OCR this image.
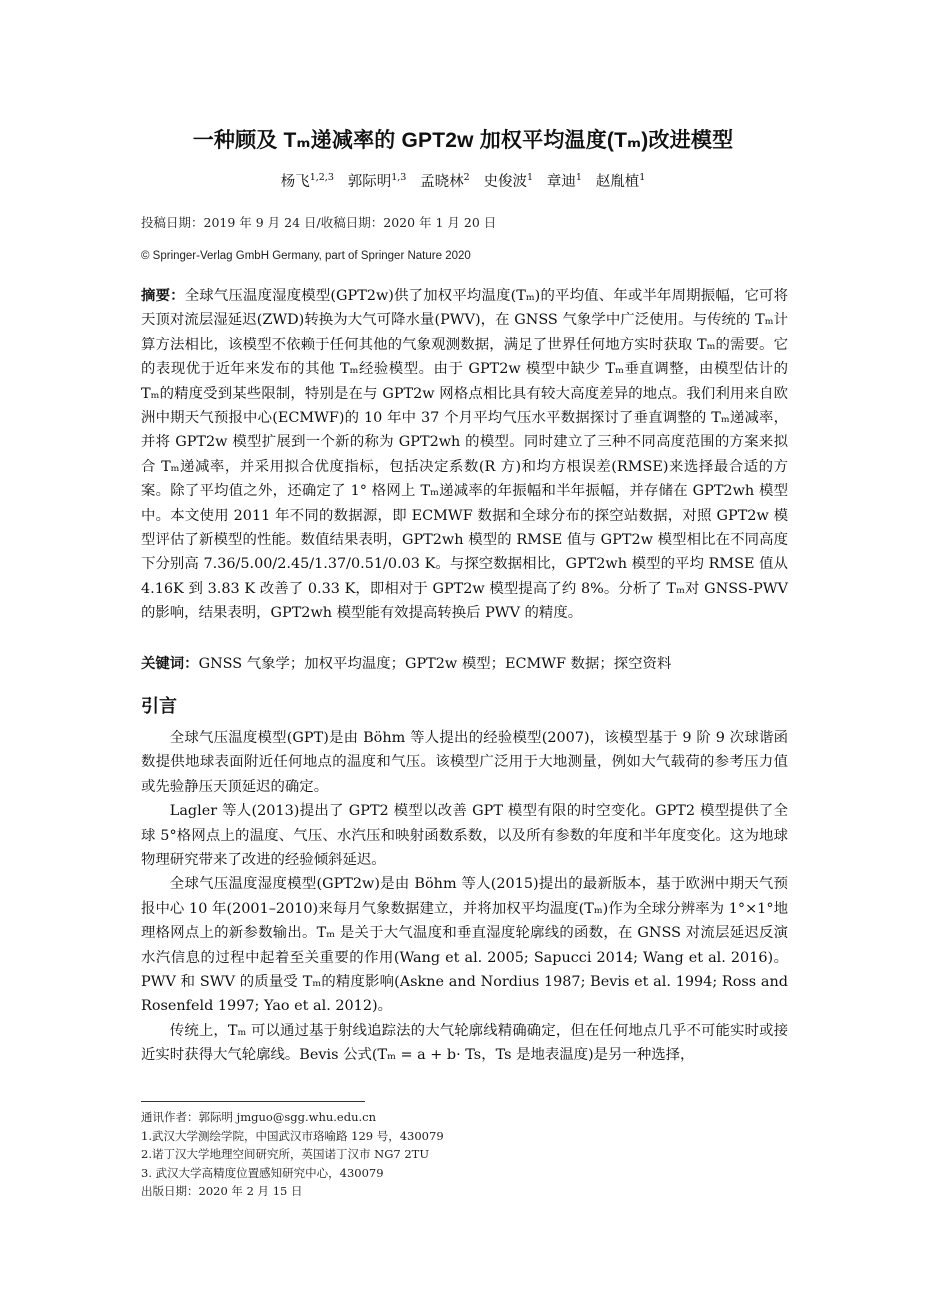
一种顾及 Tₘ递减率的 GPT2w 加权平均温度(Tₘ)改进模型
杨飞$^{1,2,3}$ 郭际明$^{1,3}$ 孟晓林$^2$ 史俊波$^1$ 章迪$^1$ 赵胤植$^1$
投稿日期：2019 年 9 月 24 日/收稿日期：2020 年 1 月 20 日
© Springer-Verlag GmbH Germany, part of Springer Nature 2020
摘要：全球气压温度湿度模型(GPT2w)供了加权平均温度(Tₘ)的平均值、年或半年周期振幅，它可将天顶对流层湿延迟(ZWD)转换为大气可降水量(PWV)，在 GNSS 气象学中广泛使用。与传统的 Tₘ计算方法相比，该模型不依赖于任何其他的气象观测数据，满足了世界任何地方实时获取 Tₘ的需要。它的表现优于近年来发布的其他 Tₘ经验模型。由于 GPT2w 模型中缺少 Tₘ垂直调整，由模型估计的 Tₘ的精度受到某些限制，特别是在与 GPT2w 网格点相比具有较大高度差异的地点。我们利用来自欧洲中期天气预报中心(ECMWF)的 10 年中 37 个月平均气压水平数据探讨了垂直调整的 Tₘ递减率，并将 GPT2w 模型扩展到一个新的称为 GPT2wh 的模型。同时建立了三种不同高度范围的方案来拟合 Tₘ递减率，并采用拟合优度指标，包括决定系数(R 方)和均方根误差(RMSE)来选择最合适的方案。除了平均值之外，还确定了 1° 格网上 Tₘ递减率的年振幅和半年振幅，并存储在 GPT2wh 模型中。本文使用 2011 年不同的数据源，即 ECMWF 数据和全球分布的探空站数据，对照 GPT2w 模型评估了新模型的性能。数值结果表明，GPT2wh 模型的 RMSE 值与 GPT2w 模型相比在不同高度下分别高 7.36/5.00/2.45/1.37/0.51/0.03 K。与探空数据相比，GPT2wh 模型的平均 RMSE 值从 4.16K 到 3.83 K 改善了 0.33 K，即相对于 GPT2w 模型提高了约 8%。分析了 Tₘ对 GNSS-PWV 的影响，结果表明，GPT2wh 模型能有效提高转换后 PWV 的精度。
关键词：GNSS 气象学；加权平均温度；GPT2w 模型；ECMWF 数据；探空资料
引言

全球气压温度模型(GPT)是由 Böhm 等人提出的经验模型(2007)，该模型基于 9 阶 9 次球谐函数提供地球表面附近任何地点的温度和气压。该模型广泛用于大地测量，例如大气载荷的参考压力值或先验静压天顶延迟的确定。

Lagler 等人(2013)提出了 GPT2 模型以改善 GPT 模型有限的时空变化。GPT2 模型提供了全球 5°格网点上的温度、气压、水汽压和映射函数系数，以及所有参数的年度和半年度变化。这为地球物理研究带来了改进的经验倾斜延迟。

全球气压温度湿度模型(GPT2w)是由 Böhm 等人(2015)提出的最新版本，基于欧洲中期天气预报中心 10 年(2001–2010)来每月气象数据建立，并将加权平均温度(Tₘ)作为全球分辨率为 1°×1°地理格网点上的新参数输出。Tₘ 是关于大气温度和垂直湿度轮廓线的函数，在 GNSS 对流层延迟反演水汽信息的过程中起着至关重要的作用(Wang et al. 2005; Sapucci 2014; Wang et al. 2016)。PWV 和 SWV 的质量受 Tₘ的精度影响(Askne and Nordius 1987; Bevis et al. 1994; Ross and Rosenfeld 1997; Yao et al. 2012)。

传统上，Tₘ 可以通过基于射线追踪法的大气轮廓线精确确定，但在任何地点几乎不可能实时或接近实时获得大气轮廓线。Bevis 公式(Tₘ = a + b· Ts，Ts 是地表温度)是另一种选择，

通讯作者：郭际明 jmguo@sgg.whu.edu.cn
1.武汉大学测绘学院，中国武汉市珞喻路 129 号，430079
2.诺丁汉大学地理空间研究所，英国诺丁汉市 NG7 2TU
3. 武汉大学高精度位置感知研究中心，430079
出版日期：2020 年 2 月 15 日
